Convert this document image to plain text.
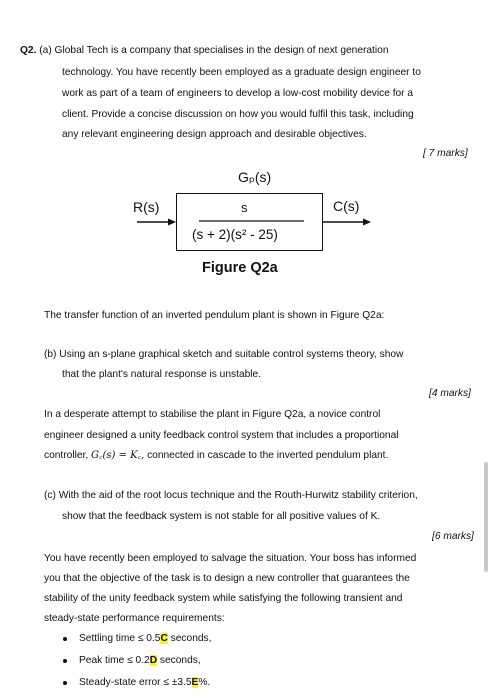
Q2. (a) Global Tech is a company that specialises in the design of next generation
technology. You have recently been employed as a graduate design engineer to
work as part of a team of engineers to develop a low-cost mobility device for a
client. Provide a concise discussion on how you would fulfil this task, including
any relevant engineering design approach and desirable objectives.
[ 7 marks]
Gₚ(s)
R(s)	C(s)
s
(s + 2)(s² - 25)
Figure Q2a
The transfer function of an inverted pendulum plant is shown in Figure Q2a:
(b) Using an s-plane graphical sketch and suitable control systems theory, show
that the plant's natural response is unstable.
[4 marks]
In a desperate attempt to stabilise the plant in Figure Q2a, a novice control
engineer designed a unity feedback control system that includes a proportional
controller, G꜀(s) = K꜀, connected in cascade to the inverted pendulum plant.
(c) With the aid of the root locus technique and the Routh-Hurwitz stability criterion,
show that the feedback system is not stable for all positive values of K.
[6 marks]
You have recently been employed to salvage the situation. Your boss has informed
you that the objective of the task is to design a new controller that guarantees the
stability of the unity feedback system while satisfying the following transient and
steady-state performance requirements:
Settling time ≤ 0.5C seconds,
Peak time ≤ 0.2D seconds,
Steady-state error ≤ ±3.5E%.
